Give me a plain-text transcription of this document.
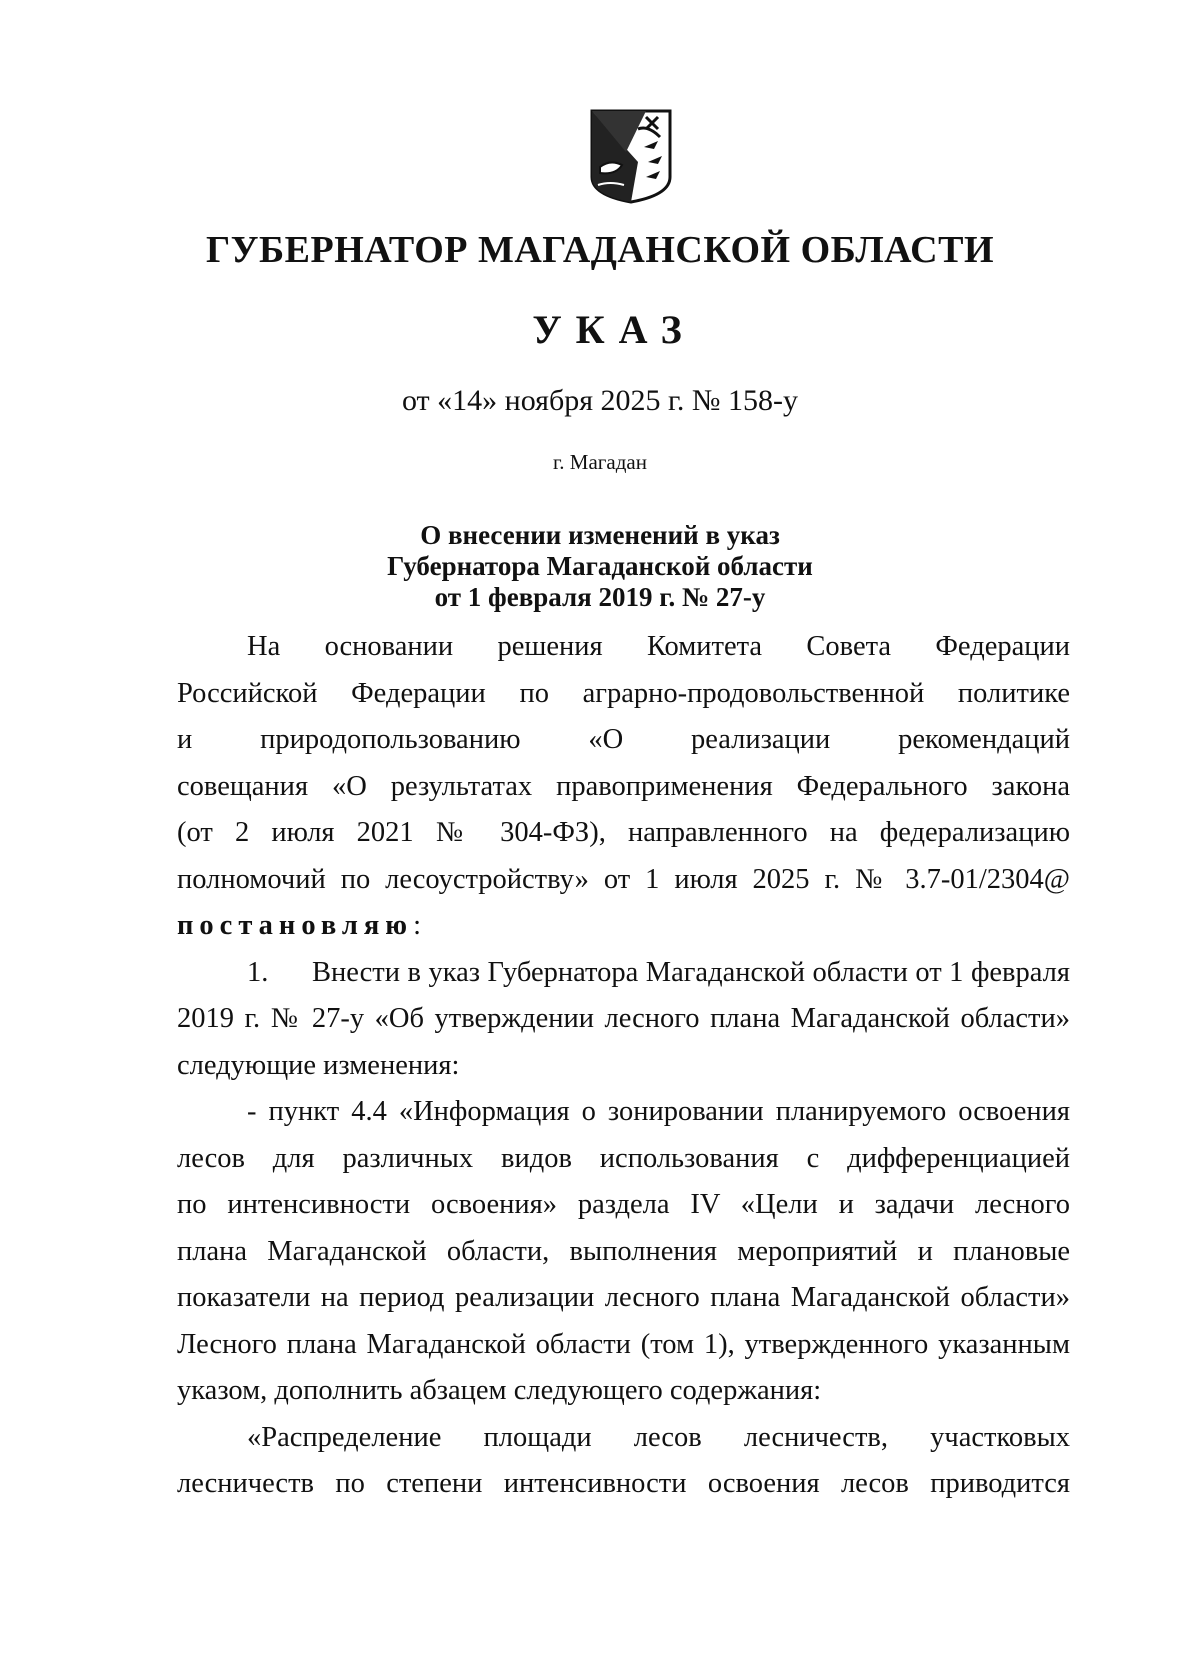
ГУБЕРНАТОР МАГАДАНСКОЙ ОБЛАСТИ
УКАЗ
от «14» ноября 2025 г. № 158-у
г. Магадан
О внесении изменений в указ
Губернатора Магаданской области
от 1 февраля 2019 г. № 27-у
На основании решения Комитета Совета Федерации
Российской Федерации по аграрно-продовольственной политике
и природопользованию «О реализации рекомендаций
совещания «О результатах правоприменения Федерального закона
(от 2 июля 2021 № 304-ФЗ), направленного на федерализацию
полномочий по лесоустройству» от 1 июля 2025 г. № 3.7-01/2304@
постановляю:
1. Внести в указ Губернатора Магаданской области от 1 февраля
2019 г. № 27-у «Об утверждении лесного плана Магаданской области»
следующие изменения:
- пункт 4.4 «Информация о зонировании планируемого освоения
лесов для различных видов использования с дифференциацией
по интенсивности освоения» раздела IV «Цели и задачи лесного
плана Магаданской области, выполнения мероприятий и плановые
показатели на период реализации лесного плана Магаданской области»
Лесного плана Магаданской области (том 1), утвержденного указанным
указом, дополнить абзацем следующего содержания:
«Распределение площади лесов лесничеств, участковых
лесничеств по степени интенсивности освоения лесов приводится
